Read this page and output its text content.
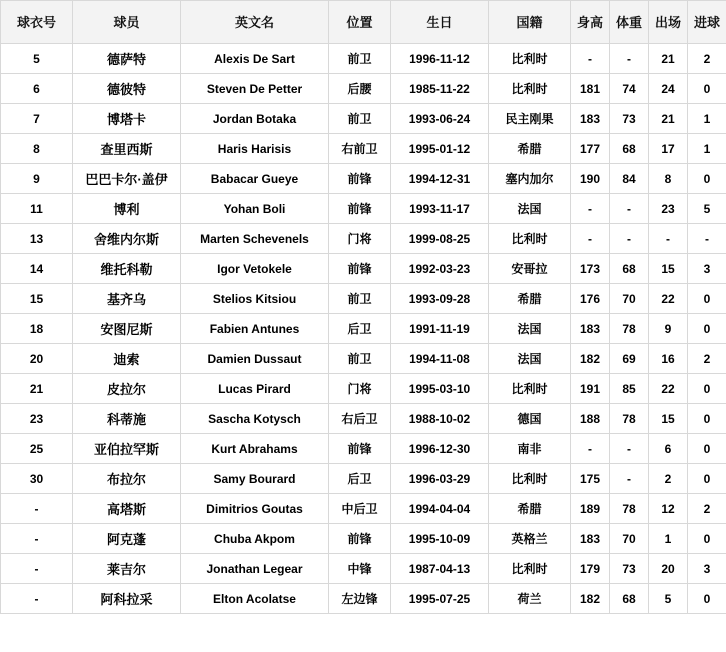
球衣号	球员	英文名	位置	生日	国籍	身高	体重	出场	进球
5	德萨特	Alexis De Sart	前卫	1996-11-12	比利时	-	-	21	2
6	德彼特	Steven De Petter	后腰	1985-11-22	比利时	181	74	24	0
7	博塔卡	Jordan Botaka	前卫	1993-06-24	民主刚果	183	73	21	1
8	查里西斯	Haris Harisis	右前卫	1995-01-12	希腊	177	68	17	1
9	巴巴卡尔·盖伊	Babacar Gueye	前锋	1994-12-31	塞内加尔	190	84	8	0
11	博利	Yohan Boli	前锋	1993-11-17	法国	-	-	23	5
13	舍维内尔斯	Marten Schevenels	门将	1999-08-25	比利时	-	-	-	-
14	维托科勒	Igor Vetokele	前锋	1992-03-23	安哥拉	173	68	15	3
15	基齐乌	Stelios Kitsiou	前卫	1993-09-28	希腊	176	70	22	0
18	安图尼斯	Fabien Antunes	后卫	1991-11-19	法国	183	78	9	0
20	迪索	Damien Dussaut	前卫	1994-11-08	法国	182	69	16	2
21	皮拉尔	Lucas Pirard	门将	1995-03-10	比利时	191	85	22	0
23	科蒂施	Sascha Kotysch	右后卫	1988-10-02	德国	188	78	15	0
25	亚伯拉罕斯	Kurt Abrahams	前锋	1996-12-30	南非	-	-	6	0
30	布拉尔	Samy Bourard	后卫	1996-03-29	比利时	175	-	2	0
-	高塔斯	Dimitrios Goutas	中后卫	1994-04-04	希腊	189	78	12	2
-	阿克蓬	Chuba Akpom	前锋	1995-10-09	英格兰	183	70	1	0
-	莱吉尔	Jonathan Legear	中锋	1987-04-13	比利时	179	73	20	3
-	阿科拉采	Elton Acolatse	左边锋	1995-07-25	荷兰	182	68	5	0
